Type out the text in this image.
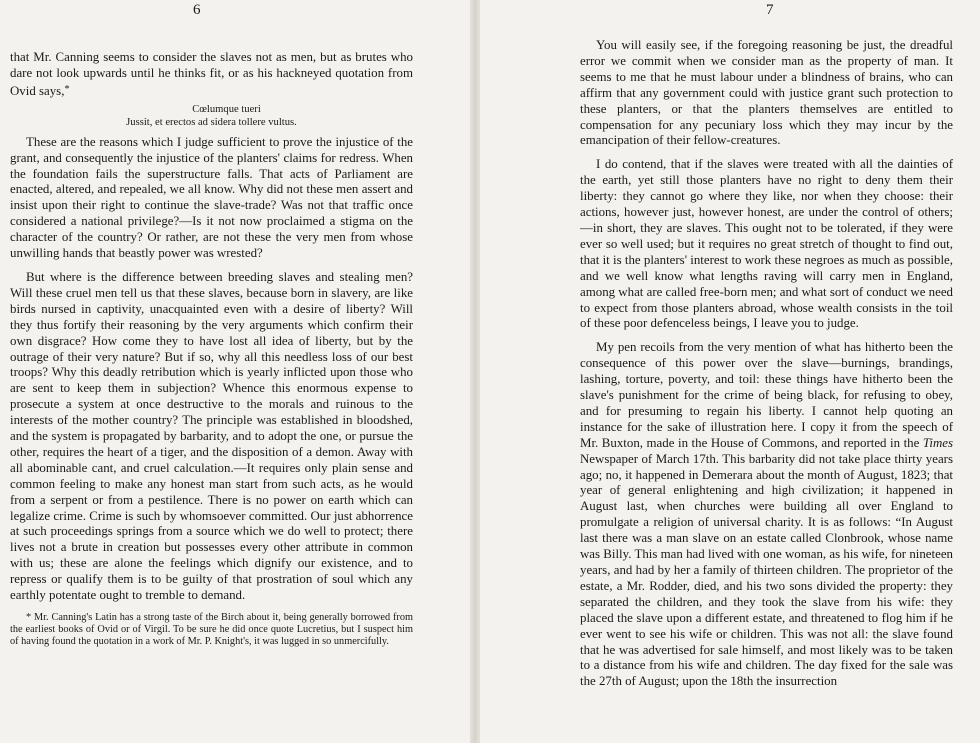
6

that Mr. Canning seems to consider the slaves not as men, but as brutes who dare not look upwards until he thinks fit, or as his hackneyed quotation from Ovid says,*

Cœlumque tueri
Jussit, et erectos ad sidera tollere vultus.

These are the reasons which I judge sufficient to prove the injustice of the grant, and consequently the injustice of the planters' claims for redress. When the foundation fails the superstructure falls. That acts of Parliament are enacted, altered, and repealed, we all know. Why did not these men assert and insist upon their right to continue the slave-trade? Was not that traffic once considered a national privilege?—Is it not now proclaimed a stigma on the character of the country? Or rather, are not these the very men from whose unwilling hands that beastly power was wrested?

But where is the difference between breeding slaves and stealing men? Will these cruel men tell us that these slaves, because born in slavery, are like birds nursed in captivity, unacquainted even with a desire of liberty? Will they thus fortify their reasoning by the very arguments which confirm their own disgrace? How come they to have lost all idea of liberty, but by the outrage of their very nature? But if so, why all this needless loss of our best troops? Why this deadly retribution which is yearly inflicted upon those who are sent to keep them in subjection? Whence this enormous expense to prosecute a system at once destructive to the morals and ruinous to the interests of the mother country? The principle was established in bloodshed, and the system is propagated by barbarity, and to adopt the one, or pursue the other, requires the heart of a tiger, and the disposition of a demon. Away with all abominable cant, and cruel calculation.—It requires only plain sense and common feeling to make any honest man start from such acts, as he would from a serpent or from a pestilence. There is no power on earth which can legalize crime. Crime is such by whomsoever committed. Our just abhorrence at such proceedings springs from a source which we do well to protect; there lives not a brute in creation but possesses every other attribute in common with us; these are alone the feelings which dignify our existence, and to repress or qualify them is to be guilty of that prostration of soul which any earthly potentate ought to tremble to demand.

* Mr. Canning's Latin has a strong taste of the Birch about it, being generally borrowed from the earliest books of Ovid or of Virgil. To be sure he did once quote Lucretius, but I suspect him of having found the quotation in a work of Mr. P. Knight's, it was lugged in so unmercifully.

7

You will easily see, if the foregoing reasoning be just, the dreadful error we commit when we consider man as the property of man. It seems to me that he must labour under a blindness of brains, who can affirm that any government could with justice grant such protection to these planters, or that the planters themselves are entitled to compensation for any pecuniary loss which they may incur by the emancipation of their fellow-creatures.

I do contend, that if the slaves were treated with all the dainties of the earth, yet still those planters have no right to deny them their liberty: they cannot go where they like, nor when they choose: their actions, however just, however honest, are under the control of others;—in short, they are slaves. This ought not to be tolerated, if they were ever so well used; but it requires no great stretch of thought to find out, that it is the planters' interest to work these negroes as much as possible, and we well know what lengths raving will carry men in England, among what are called free-born men; and what sort of conduct we need to expect from those planters abroad, whose wealth consists in the toil of these poor defenceless beings, I leave you to judge.

My pen recoils from the very mention of what has hitherto been the consequence of this power over the slave—burnings, brandings, lashing, torture, poverty, and toil: these things have hitherto been the slave's punishment for the crime of being black, for refusing to obey, and for presuming to regain his liberty. I cannot help quoting an instance for the sake of illustration here. I copy it from the speech of Mr. Buxton, made in the House of Commons, and reported in the Times Newspaper of March 17th. This barbarity did not take place thirty years ago; no, it happened in Demerara about the month of August, 1823; that year of general enlightening and high civilization; it happened in August last, when churches were building all over England to promulgate a religion of universal charity. It is as follows: “In August last there was a man slave on an estate called Clonbrook, whose name was Billy. This man had lived with one woman, as his wife, for nineteen years, and had by her a family of thirteen children. The proprietor of the estate, a Mr. Rodder, died, and his two sons divided the property: they separated the children, and they took the slave from his wife: they placed the slave upon a different estate, and threatened to flog him if he ever went to see his wife or children. This was not all: the slave found that he was advertised for sale himself, and most likely was to be taken to a distance from his wife and children. The day fixed for the sale was the 27th of August; upon the 18th the insurrection
